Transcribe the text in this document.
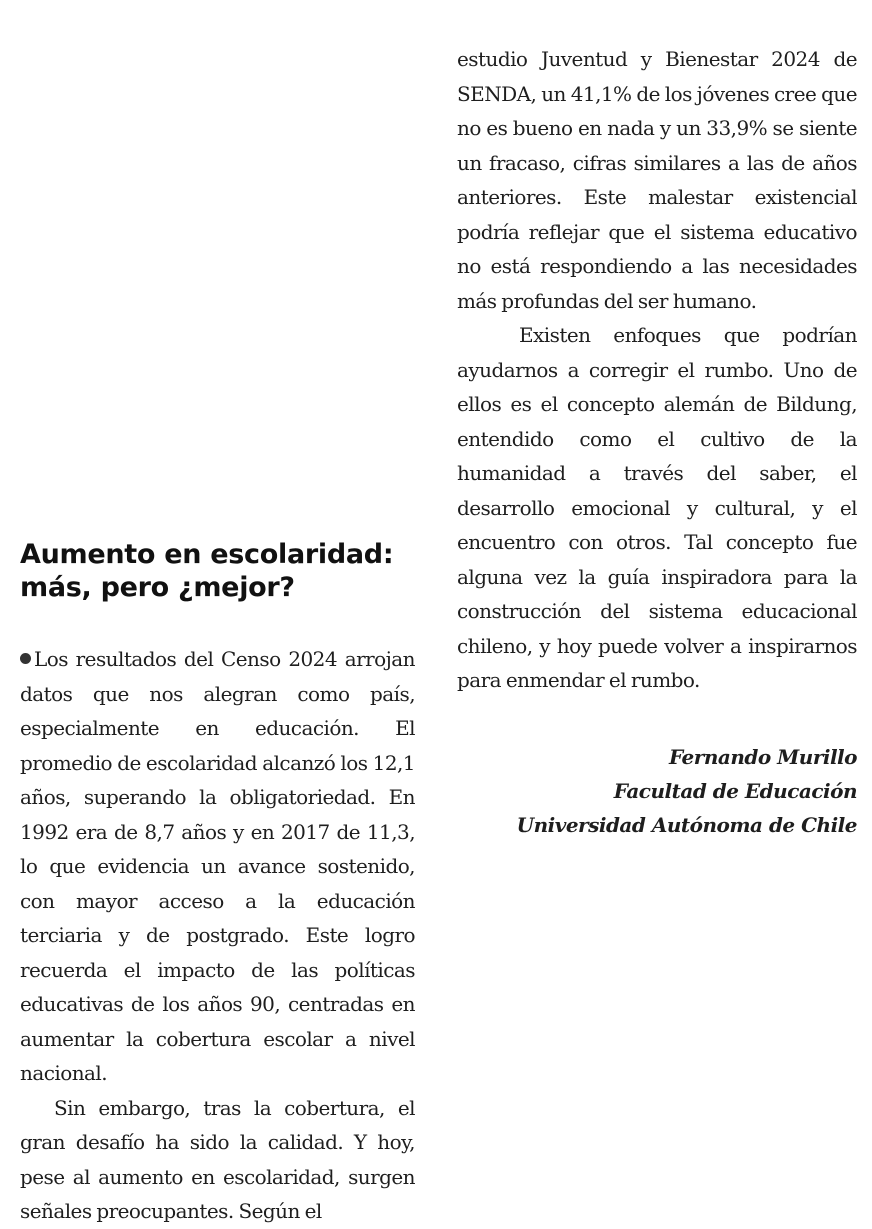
Aumento en escolaridad:
más, pero ¿mejor?

Los resultados del Censo 2024 arrojan datos que nos alegran como país, especialmente en educación. El promedio de escolaridad alcanzó los 12,1 años, superando la obligatoriedad. En 1992 era de 8,7 años y en 2017 de 11,3, lo que evidencia un avance sostenido, con mayor acceso a la educación terciaria y de postgrado. Este logro recuerda el impacto de las políticas educativas de los años 90, centradas en aumentar la cobertura escolar a nivel nacional.

Sin embargo, tras la cobertura, el gran desafío ha sido la calidad. Y hoy, pese al aumento en escolaridad, surgen señales preocupantes. Según el

estudio Juventud y Bienestar 2024 de SENDA, un 41,1% de los jóvenes cree que no es bueno en nada y un 33,9% se siente un fracaso, cifras similares a las de años anteriores. Este malestar existencial podría reflejar que el sistema educativo no está respondiendo a las necesidades más profundas del ser humano.

Existen enfoques que podrían ayudarnos a corregir el rumbo. Uno de ellos es el concepto alemán de Bildung, entendido como el cultivo de la humanidad a través del saber, el desarrollo emocional y cultural, y el encuentro con otros. Tal concepto fue alguna vez la guía inspiradora para la construcción del sistema educacional chileno, y hoy puede volver a inspirarnos para enmendar el rumbo.

Fernando Murillo
Facultad de Educación
Universidad Autónoma de Chile
